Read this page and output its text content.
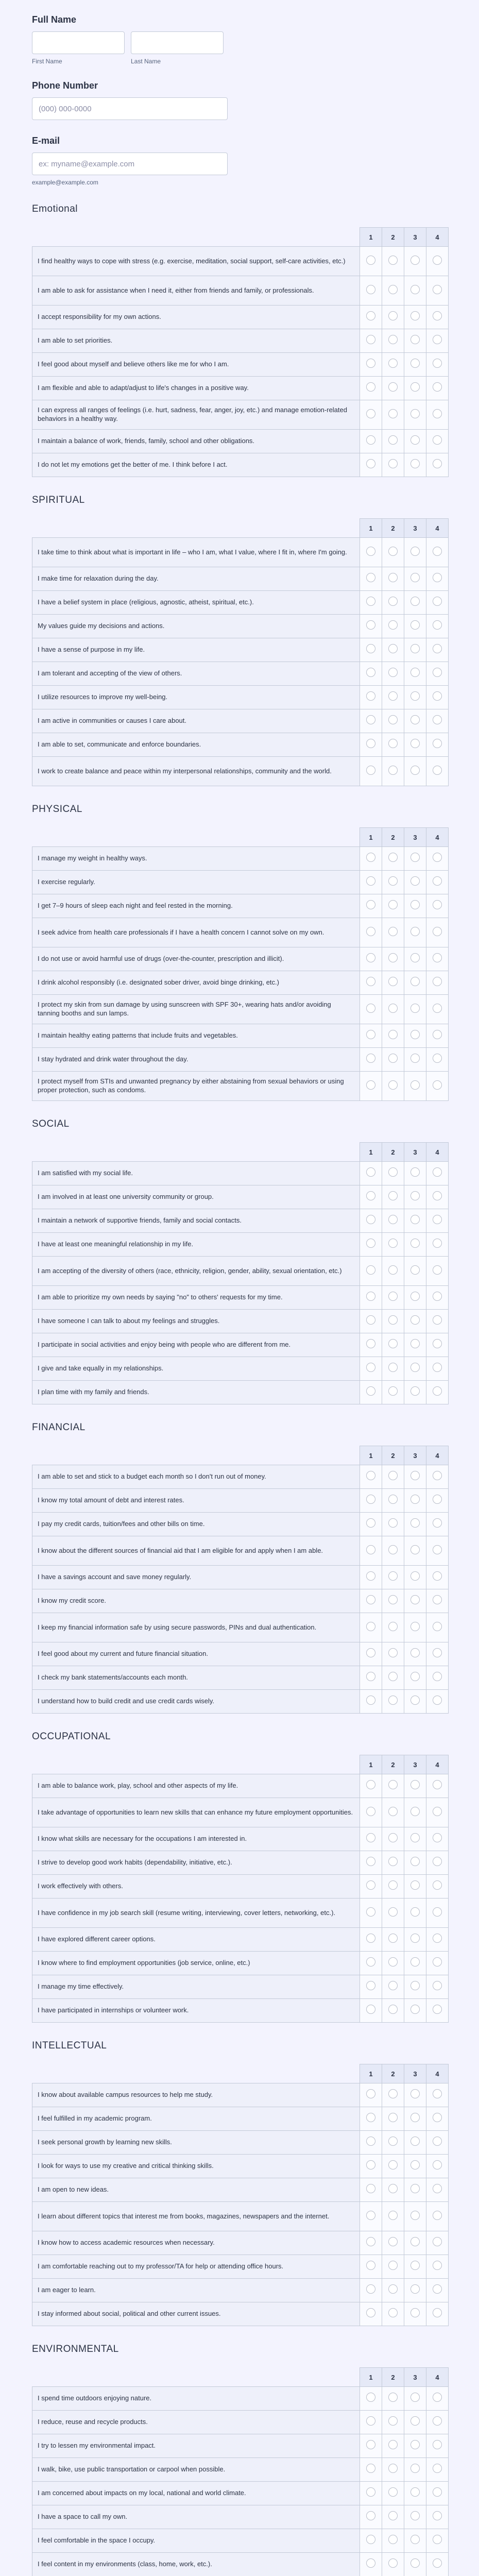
Full Name
First Name	Last Name
Phone Number
(000) 000-0000
E-mail
ex: myname@example.com
example@example.com
Emotional
	1	2	3	4
I find healthy ways to cope with stress (e.g. exercise, meditation, social support, self-care activities, etc.)				
I am able to ask for assistance when I need it, either from friends and family, or professionals.				
I accept responsibility for my own actions.				
I am able to set priorities.				
I feel good about myself and believe others like me for who I am.				
I am flexible and able to adapt/adjust to life's changes in a positive way.				
I can express all ranges of feelings (i.e. hurt, sadness, fear, anger, joy, etc.) and manage emotion-related behaviors in a healthy way.				
I maintain a balance of work, friends, family, school and other obligations.				
I do not let my emotions get the better of me. I think before I act.				
SPIRITUAL
	1	2	3	4
I take time to think about what is important in life – who I am, what I value, where I fit in, where I'm going.				
I make time for relaxation during the day.				
I have a belief system in place (religious, agnostic, atheist, spiritual, etc.).				
My values guide my decisions and actions.				
I have a sense of purpose in my life.				
I am tolerant and accepting of the view of others.				
I utilize resources to improve my well-being.				
I am active in communities or causes I care about.				
I am able to set, communicate and enforce boundaries.				
I work to create balance and peace within my interpersonal relationships, community and the world.				
PHYSICAL
	1	2	3	4
I manage my weight in healthy ways.				
I exercise regularly.				
I get 7–9 hours of sleep each night and feel rested in the morning.				
I seek advice from health care professionals if I have a health concern I cannot solve on my own.				
I do not use or avoid harmful use of drugs (over-the-counter, prescription and illicit).				
I drink alcohol responsibly (i.e. designated sober driver, avoid binge drinking, etc.)				
I protect my skin from sun damage by using sunscreen with SPF 30+, wearing hats and/or avoiding tanning booths and sun lamps.				
I maintain healthy eating patterns that include fruits and vegetables.				
I stay hydrated and drink water throughout the day.				
I protect myself from STIs and unwanted pregnancy by either abstaining from sexual behaviors or using proper protection, such as condoms.				
SOCIAL
	1	2	3	4
I am satisfied with my social life.				
I am involved in at least one university community or group.				
I maintain a network of supportive friends, family and social contacts.				
I have at least one meaningful relationship in my life.				
I am accepting of the diversity of others (race, ethnicity, religion, gender, ability, sexual orientation, etc.)				
I am able to prioritize my own needs by saying "no" to others' requests for my time.				
I have someone I can talk to about my feelings and struggles.				
I participate in social activities and enjoy being with people who are different from me.				
I give and take equally in my relationships.				
I plan time with my family and friends.				
FINANCIAL
	1	2	3	4
I am able to set and stick to a budget each month so I don't run out of money.				
I know my total amount of debt and interest rates.				
I pay my credit cards, tuition/fees and other bills on time.				
I know about the different sources of financial aid that I am eligible for and apply when I am able.				
I have a savings account and save money regularly.				
I know my credit score.				
I keep my financial information safe by using secure passwords, PINs and dual authentication.				
I feel good about my current and future financial situation.				
I check my bank statements/accounts each month.				
I understand how to build credit and use credit cards wisely.				
OCCUPATIONAL
	1	2	3	4
I am able to balance work, play, school and other aspects of my life.				
I take advantage of opportunities to learn new skills that can enhance my future employment opportunities.				
I know what skills are necessary for the occupations I am interested in.				
I strive to develop good work habits (dependability, initiative, etc.).				
I work effectively with others.				
I have confidence in my job search skill (resume writing, interviewing, cover letters, networking, etc.).				
I have explored different career options.				
I know where to find employment opportunities (job service, online, etc.)				
I manage my time effectively.				
I have participated in internships or volunteer work.				
INTELLECTUAL
	1	2	3	4
I know about available campus resources to help me study.				
I feel fulfilled in my academic program.				
I seek personal growth by learning new skills.				
I look for ways to use my creative and critical thinking skills.				
I am open to new ideas.				
I learn about different topics that interest me from books, magazines, newspapers and the internet.				
I know how to access academic resources when necessary.				
I am comfortable reaching out to my professor/TA for help or attending office hours.				
I am eager to learn.				
I stay informed about social, political and other current issues.				
ENVIRONMENTAL
	1	2	3	4
I spend time outdoors enjoying nature.				
I reduce, reuse and recycle products.				
I try to lessen my environmental impact.				
I walk, bike, use public transportation or carpool when possible.				
I am concerned about impacts on my local, national and world climate.				
I have a space to call my own.				
I feel comfortable in the space I occupy.				
I feel content in my environments (class, home, work, etc.).				
